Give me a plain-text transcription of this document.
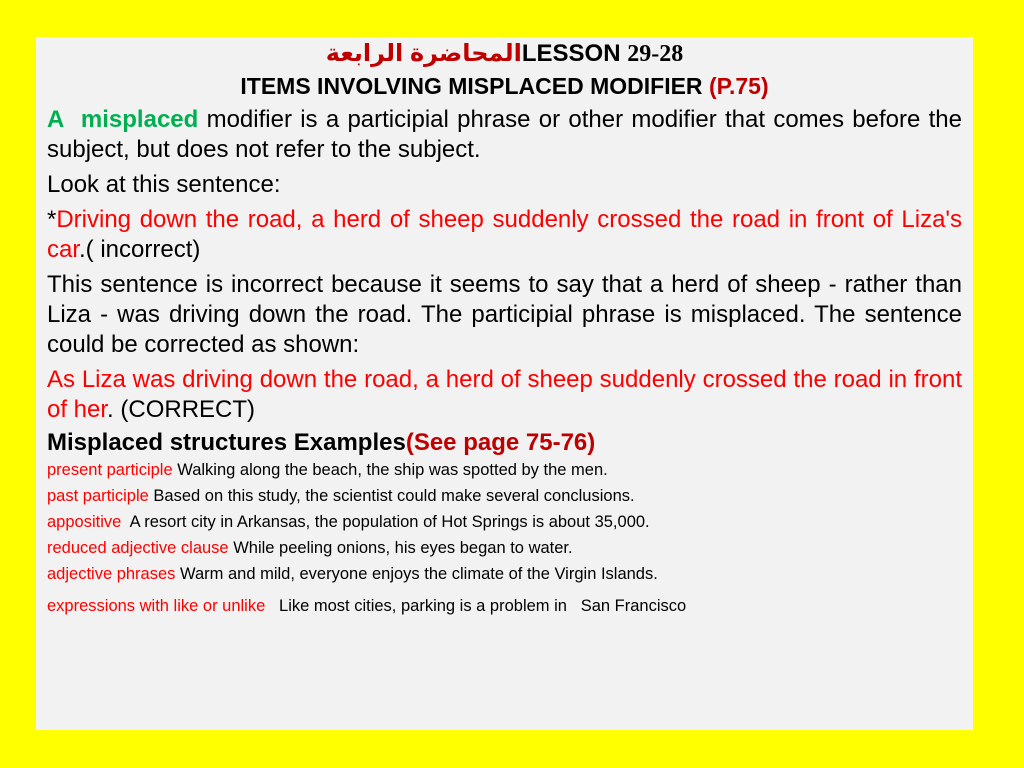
المحاضرة الرابعةLESSON 29-28
ITEMS INVOLVING MISPLACED MODIFIER (P.75)
A misplaced modifier is a participial phrase or other modifier that comes before the subject, but does not refer to the subject.
Look at this sentence:
*Driving down the road, a herd of sheep suddenly crossed the road in front of Liza's car.( incorrect)
This sentence is incorrect because it seems to say that a herd of sheep - rather than Liza - was driving down the road. The participial phrase is misplaced. The sentence could be corrected as shown:
As Liza was driving down the road, a herd of sheep suddenly crossed the road in front of her. (CORRECT)
Misplaced structures Examples(See page 75-76)
present participle Walking along the beach, the ship was spotted by the men.
past participle Based on this study, the scientist could make several conclusions.
appositive  A resort city in Arkansas, the population of Hot Springs is about 35,000.
reduced adjective clause While peeling onions, his eyes began to water.
adjective phrases Warm and mild, everyone enjoys the climate of the Virgin Islands.
expressions with like or unlike   Like most cities, parking is a problem in   San Francisco
